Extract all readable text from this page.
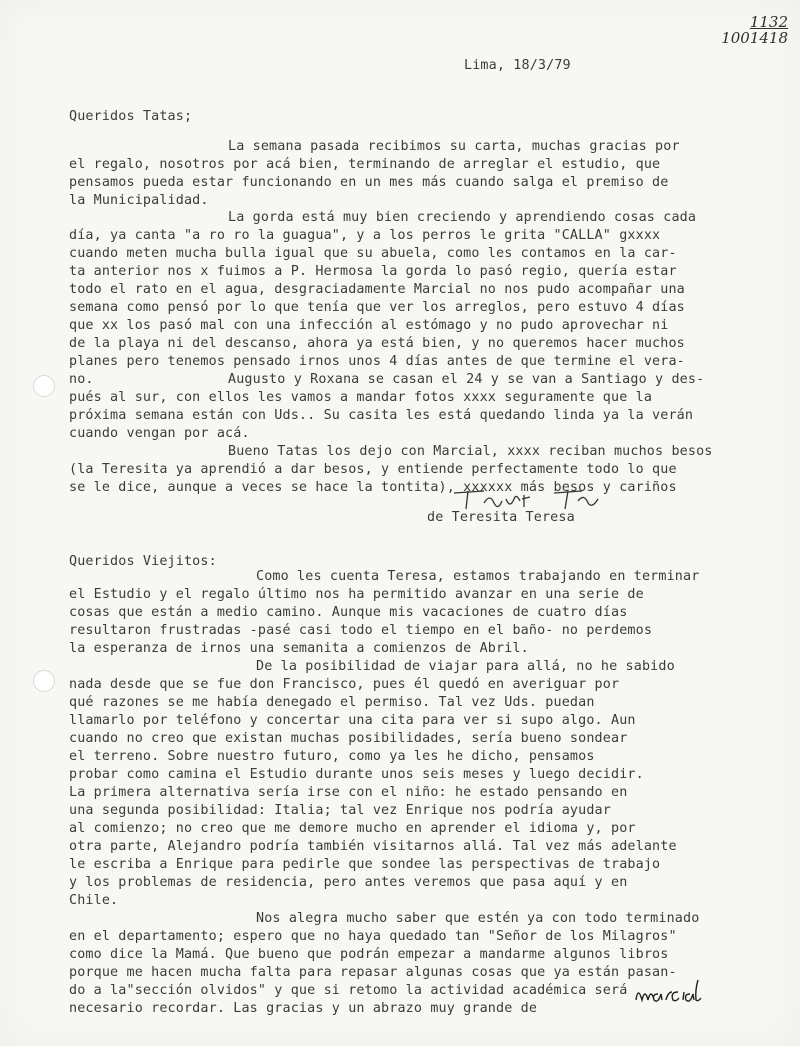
1132
1001418
Lima, 18/3/79
Queridos Tatas;
La semana pasada recibimos su carta, muchas gracias por
el regalo, nosotros por acá bien, terminando de arreglar el estudio, que
pensamos pueda estar funcionando en un mes más cuando salga el premiso de
la Municipalidad.
La gorda está muy bien creciendo y aprendiendo cosas cada
día, ya canta "a ro ro la guagua", y a los perros le grita "CALLA" gxxxx
cuando meten mucha bulla igual que su abuela, como les contamos en la car-
ta anterior nos x fuimos a P. Hermosa la gorda lo pasó regio, quería estar
todo el rato en el agua, desgraciadamente Marcial no nos pudo acompañar una
semana como pensó por lo que tenía que ver los arreglos, pero estuvo 4 días
que xx los pasó mal con una infección al estómago y no pudo aprovechar ni
de la playa ni del descanso, ahora ya está bien, y no queremos hacer muchos
planes pero tenemos pensado irnos unos 4 días antes de que termine el vera-
no.	Augusto y Roxana se casan el 24 y se van a Santiago y des-
pués al sur, con ellos les vamos a mandar fotos xxxx seguramente que la
próxima semana están con Uds.. Su casita les está quedando linda ya la verán
cuando vengan por acá.
Bueno Tatas los dejo con Marcial, xxxx reciban muchos besos
(la Teresita ya aprendió a dar besos, y entiende perfectamente todo lo que
se le dice, aunque a veces se hace la tontita), xxxxxx más besos y cariños
de Teresita Teresa
Queridos Viejitos:
Como les cuenta Teresa, estamos trabajando en terminar
el Estudio y el regalo último nos ha permitido avanzar en una serie de
cosas que están a medio camino. Aunque mis vacaciones de cuatro días
resultaron frustradas -pasé casi todo el tiempo en el baño- no perdemos
la esperanza de irnos una semanita a comienzos de Abril.
De la posibilidad de viajar para allá, no he sabido
nada desde que se fue don Francisco, pues él quedó en averiguar por
qué razones se me había denegado el permiso. Tal vez Uds. puedan
llamarlo por teléfono y concertar una cita para ver si supo algo. Aun
cuando no creo que existan muchas posibilidades, sería bueno sondear
el terreno. Sobre nuestro futuro, como ya les he dicho, pensamos
probar como camina el Estudio durante unos seis meses y luego decidir.
La primera alternativa sería irse con el niño: he estado pensando en
una segunda posibilidad: Italia; tal vez Enrique nos podría ayudar
al comienzo; no creo que me demore mucho en aprender el idioma y, por
otra parte, Alejandro podría también visitarnos allá. Tal vez más adelante
le escriba a Enrique para pedirle que sondee las perspectivas de trabajo
y los problemas de residencia, pero antes veremos que pasa aquí y en
Chile.
Nos alegra mucho saber que estén ya con todo terminado
en el departamento; espero que no haya quedado tan "Señor de los Milagros"
como dice la Mamá. Que bueno que podrán empezar a mandarme algunos libros
porque me hacen mucha falta para repasar algunas cosas que ya están pasan-
do a la"sección olvidos" y que si retomo la actividad académica será
necesario recordar. Las gracias y un abrazo muy grande de
